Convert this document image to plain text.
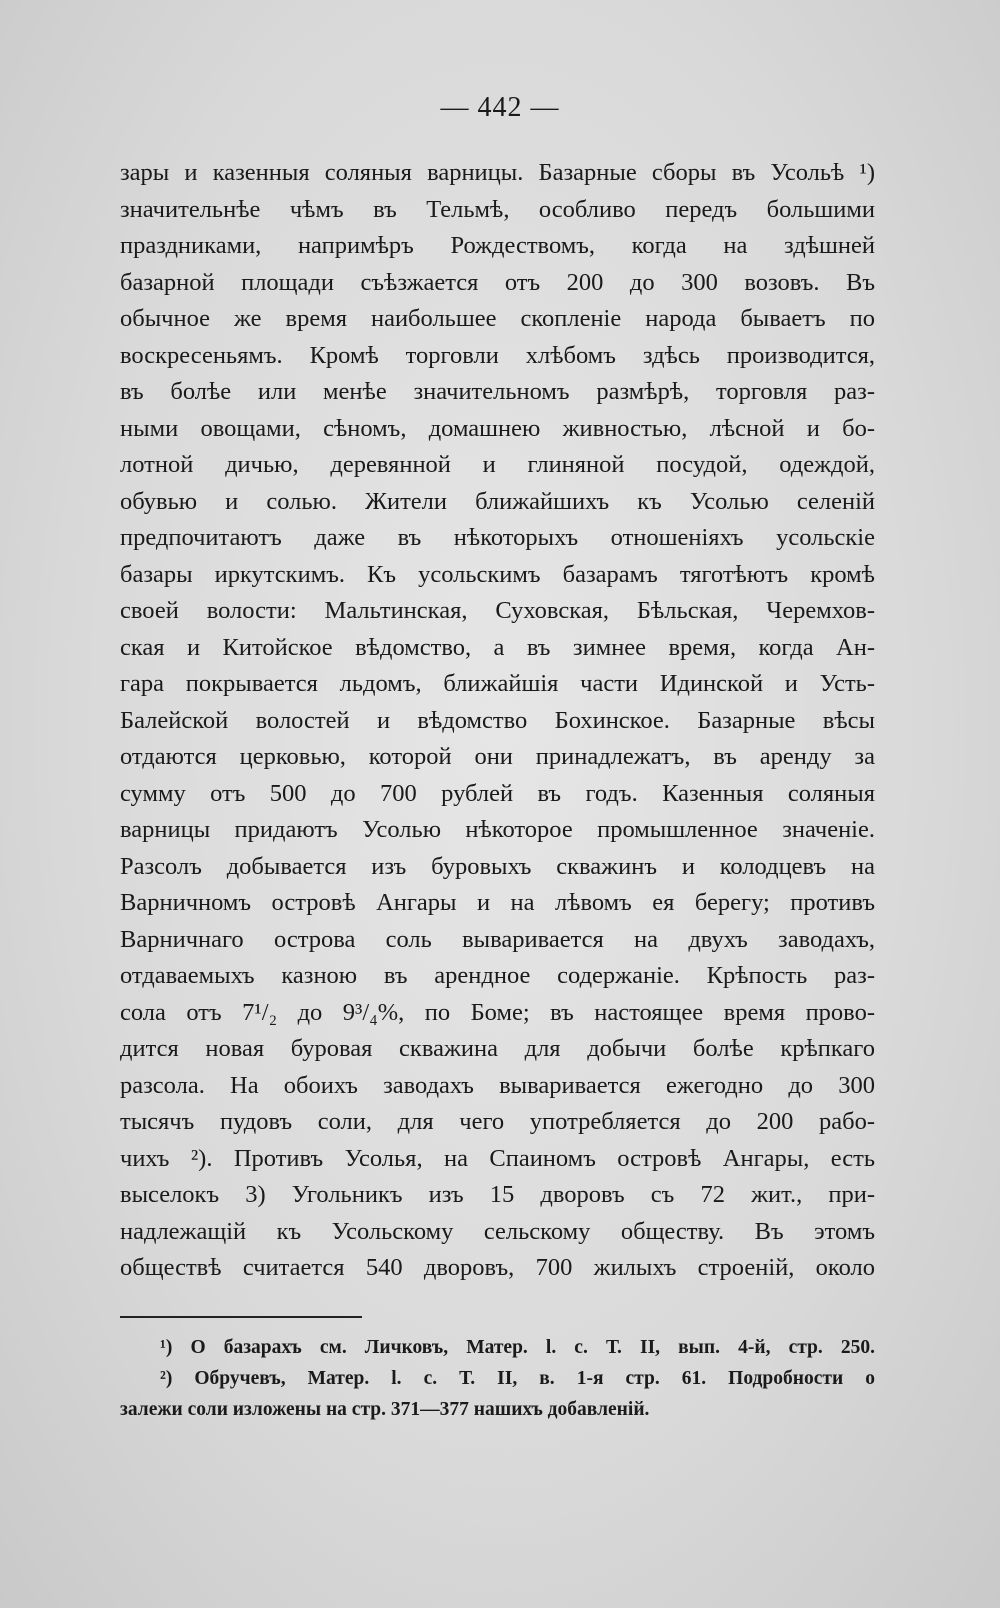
— 442 —
зары и казенныя соляныя варницы. Базарные сборы въ Усольѣ ¹)
значительнѣе чѣмъ въ Тельмѣ, особливо передъ большими
праздниками, напримѣръ Рождествомъ, когда на здѣшней
базарной площади съѣзжается отъ 200 до 300 возовъ. Въ
обычное же время наибольшее скопленіе народа бываетъ по
воскресеньямъ. Кромѣ торговли хлѣбомъ здѣсь производится,
въ болѣе или менѣе значительномъ размѣрѣ, торговля раз-
ными овощами, сѣномъ, домашнею живностью, лѣсной и бо-
лотной дичью, деревянной и глиняной посудой, одеждой,
обувью и солью. Жители ближайшихъ къ Усолью селеній
предпочитаютъ даже въ нѣкоторыхъ отношеніяхъ усольскіе
базары иркутскимъ. Къ усольскимъ базарамъ тяготѣютъ кромѣ
своей волости: Мальтинская, Суховская, Бѣльская, Черемхов-
ская и Китойское вѣдомство, а въ зимнее время, когда Ан-
гара покрывается льдомъ, ближайшія части Идинской и Усть-
Балейской волостей и вѣдомство Бохинское. Базарные вѣсы
отдаются церковью, которой они принадлежатъ, въ аренду за
сумму отъ 500 до 700 рублей въ годъ. Казенныя соляныя
варницы придаютъ Усолью нѣкоторое промышленное значеніе.
Разсолъ добывается изъ буровыхъ скважинъ и колодцевъ на
Варничномъ островѣ Ангары и на лѣвомъ ея берегу; противъ
Варничнаго острова соль вываривается на двухъ заводахъ,
отдаваемыхъ казною въ арендное содержаніе. Крѣпость раз-
сола отъ 7¹/₂ до 9³/₄%, по Боме; въ настоящее время прово-
дится новая буровая скважина для добычи болѣе крѣпкаго
разсола. На обоихъ заводахъ вываривается ежегодно до 300
тысячъ пудовъ соли, для чего употребляется до 200 рабо-
чихъ ²). Противъ Усолья, на Спаиномъ островѣ Ангары, есть
выселокъ 3) Угольникъ изъ 15 дворовъ съ 72 жит., при-
надлежащій къ Усольскому сельскому обществу. Въ этомъ
обществѣ считается 540 дворовъ, 700 жилыхъ строеній, около
¹) О базарахъ см. Личковъ, Матер. l. c. Т. II, вып. 4-й, стр. 250.
²) Обручевъ, Матер. l. c. Т. II, в. 1-я стр. 61. Подробности о
залежи соли изложены на стр. 371—377 нашихъ добавленій.
